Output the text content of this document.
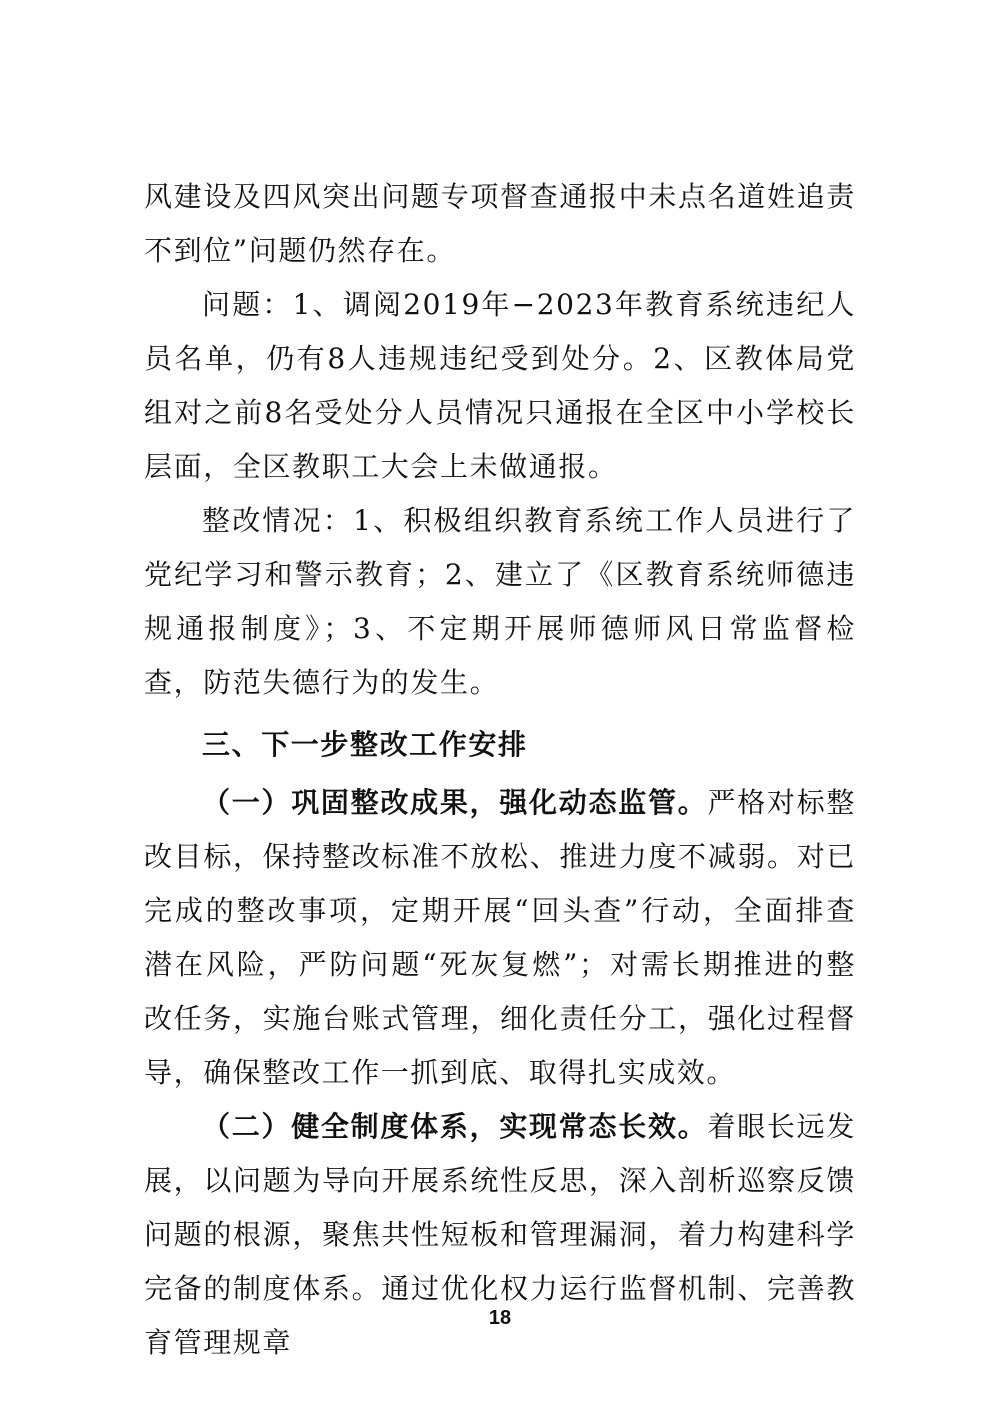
风建设及四风突出问题专项督查通报中未点名道姓追责不到位”问题仍然存在。

问题：1、调阅2019年−2023年教育系统违纪人员名单，仍有8人违规违纪受到处分。2、区教体局党组对之前8名受处分人员情况只通报在全区中小学校长层面，全区教职工大会上未做通报。

整改情况：1、积极组织教育系统工作人员进行了党纪学习和警示教育；2、建立了《区教育系统师德违规通报制度》；3、不定期开展师德师风日常监督检查，防范失德行为的发生。

三、下一步整改工作安排

（一）巩固整改成果，强化动态监管。严格对标整改目标，保持整改标准不放松、推进力度不减弱。对已完成的整改事项，定期开展“回头查”行动，全面排查潜在风险，严防问题“死灰复燃”；对需长期推进的整改任务，实施台账式管理，细化责任分工，强化过程督导，确保整改工作一抓到底、取得扎实成效。

（二）健全制度体系，实现常态长效。着眼长远发展，以问题为导向开展系统性反思，深入剖析巡察反馈问题的根源，聚焦共性短板和管理漏洞，着力构建科学完备的制度体系。通过优化权力运行监督机制、完善教育管理规章

18
